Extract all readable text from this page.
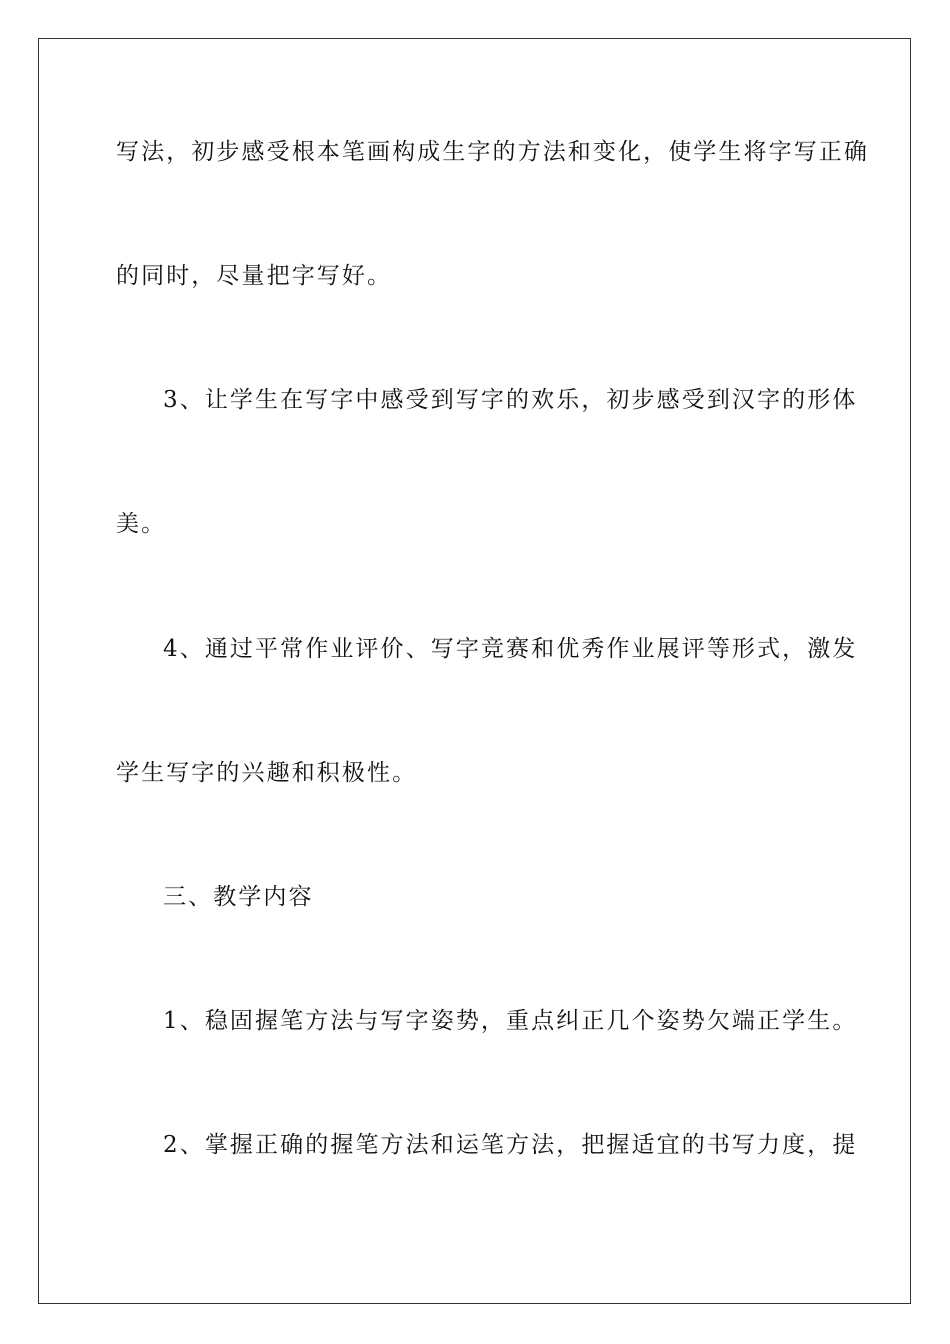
写法，初步感受根本笔画构成生字的方法和变化，使学生将字写正确
的同时，尽量把字写好。
3、让学生在写字中感受到写字的欢乐，初步感受到汉字的形体
美。
4、通过平常作业评价、写字竞赛和优秀作业展评等形式，激发
学生写字的兴趣和积极性。
三、教学内容
1、稳固握笔方法与写字姿势，重点纠正几个姿势欠端正学生。
2、掌握正确的握笔方法和运笔方法，把握适宜的书写力度，提
